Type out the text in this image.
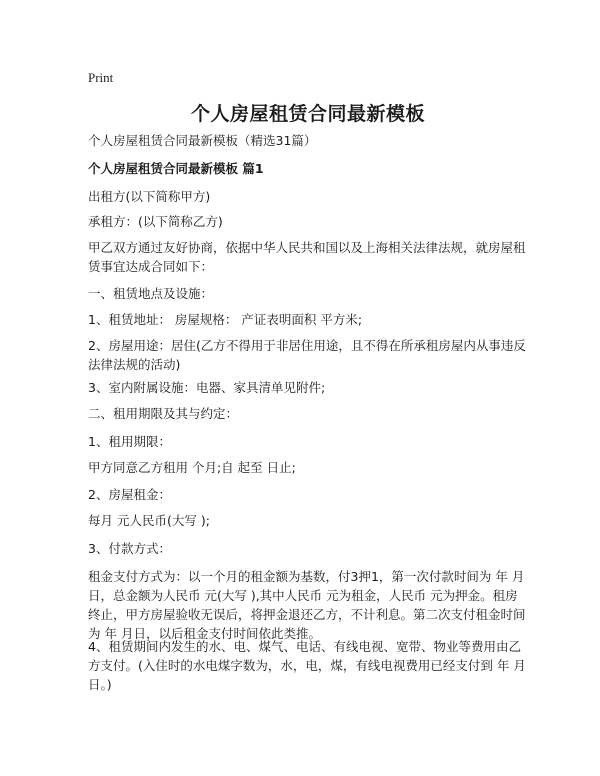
Print
个人房屋租赁合同最新模板
个人房屋租赁合同最新模板（精选31篇）
个人房屋租赁合同最新模板 篇1
出租方(以下简称甲方)
承租方：(以下简称乙方)
甲乙双方通过友好协商，依据中华人民共和国以及上海相关法律法规，就房屋租赁事宜达成合同如下：
一、租赁地点及设施：
1、租赁地址： 房屋规格： 产证表明面积 平方米;
2、房屋用途：居住(乙方不得用于非居住用途，且不得在所承租房屋内从事违反法律法规的活动)
3、室内附属设施：电器、家具清单见附件;
二、租用期限及其与约定：
1、租用期限：
甲方同意乙方租用 个月;自 起至 日止;
2、房屋租金：
每月 元人民币(大写 );
3、付款方式：
租金支付方式为：以一个月的租金额为基数，付3押1，第一次付款时间为 年 月 日，总金额为人民币 元(大写 ),其中人民币 元为租金，人民币 元为押金。租房终止，甲方房屋验收无误后，将押金退还乙方，不计利息。第二次支付租金时间为 年 月日，以后租金支付时间依此类推。
4、租赁期间内发生的水、电、煤气、电话、有线电视、宽带、物业等费用由乙方支付。(入住时的水电煤字数为，水，电，煤，有线电视费用已经支付到 年 月 日。)
